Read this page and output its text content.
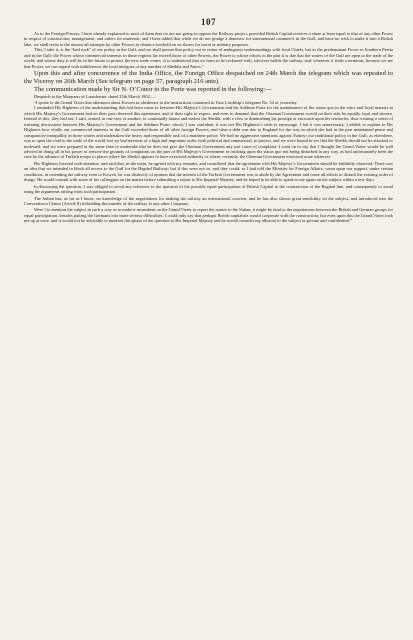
107

As to the Foreign Powers, I have already explained to most of them that we are not going to oppose the Railway project, provided British Capital receives a share at least equal to that of any other Power in respect of construction, management, and orders for materials, and I have added that while we do not grudge a domestic for international commerce in the Gulf, and have no wish to make it into a British lake, we shall resist to the utmost all attempts by other Powers to obtain a foothold on its shores for naval or military purposes.

This, I take it, is the “bed rock” of our policy in the Gulf, and we shall pursue that policy not in virtue of ambiguous understandings with local Chiefs, but as the predominant Power in Southern Persia and in the Gulf: the Power whose commercial interests in those regions far exceed those of other Powers, the Power to whose efforts in the past it is due that the waters of the Gulf are open to the trade of the world, and whose duty it will be in the future to protect the new trade routes. It is understood that we have to be reckoned with, whoever builds the railway, and, wherever it finds a terminus, because we are that Power, we can regard with indifference the local intrigues of any number of Sheikhs and Amirs.”

Upon this and after concurrence of the India Office, the Foreign Office despatched on 24th March the telegram which was repeated to the Viceroy on 26th March (See telegram on page 57, paragraph 216 ante).

The communication made by Sir N. O’Conor to the Porte was reported in the following:—

Despatch to the Marquess of Lansdowne, dated 25th March 1902.—

“I spoke to the Grand Vizier this afternoon about Koweit in obedience to the instructions contained in Your Lordship’s telegram No. 54 of yesterday.

I reminded His Highness of the understanding that had been come to between His Majesty’s Government and the Sublime Porte for the maintenance of the status quo in the strict and loyal manner in which His Majesty’s Government had on their part observed this agreement, and of their right to expect, and even to demand, that the Ottoman Government would on their side be equally loyal and sincere. Instead of this, they had not, I said, ceased, in one way or another, to continually harass and molest the Sheikh, with a view to diminishing his prestige or encroach upon his territories, thus creating a series of irritating discussions between His Majesty’s Government and the Sublime Porte, which, I was confident, it was not His Highness’s wish to encourage. I felt it was unnecessary, I added, to explain to His Highness how vitally our commercial interests in the Gulf exceeded those of all other foreign Powers, and what a debt was due to England for the way in which she had in the past maintained peace and comparative tranquillity in those waters and undertaken the heavy and responsible task of a maritime police. We had no aggressive intentions against Turkey; our traditional policy in the Gulf, as elsewhere, was to open the road to the trade of the world, but we had interests of a high and important order, both political and commercial, to protect, and we were bound to see that the Sheikh should not be attacked or molested, and we were prepared at the same time to undertake that he does not give the Ottoman Government any just cause of complaint. I went on to say that I thought the Grand Vizier would be well advised in doing all in his power to remove the grounds of complaints on the part of His Majesty’s Government in insisting upon the status quo not being disturbed in any way, as had unfortunately been the case by the advance of Turkish troops to places where the Sheikh appears to have exercised authority or where, certainly, the Ottoman Government exercised none whatever.

His Highness listened with attention, and said that, in the main, he agreed with my remarks, and considered that the agreement with His Majesty’s Government should be faithfully observed. There was an idea that we intended to block all access to the Gulf for the Bagdad Railway; but if this were not so, and they could, as I had told the Minister for Foreign Affairs, count upon our support, under certain conditions, in extending the railway even to Koweit, he was distinctly of opinion that the interest of the Turkish Government was to abide by the Agreement and cease all efforts to disturb the existing order of things. He would consult with some of his colleagues on the matter before submitting a report to His Imperial Majesty, and he hoped to be able to speak to me again on the subject within a few days.

In discussing the question, I was obliged to avoid any reference to the question of the possible equal participation of British Capital in the construction of the Bagdad line, and consequently to avoid using the arguments arising from such participation.

The Sultan has, as far as I know, no knowledge of the negotiations for making the railway an international concern, and he has also shown great sensibility on the subject, and introduced into the Convention a Clause (Article 8) forbidding the transfer of the railway to any other Company.

Were I to mention the subject in such a way as to make it incumbent on the Grand Vizier to report the matter to the Sultan, it might be fatal to the negotiations between the British and German groups for equal participation, besides putting the Germans into more serious difficulties. I could only say that perhaps British capitalists would cooperate with the construction; but even upon this the Grand Vizier took me up at once, and it would not be advisable to mention this phase of the question to His Imperial Majesty and he would consider my allusion to the subject as private and confidential.”
